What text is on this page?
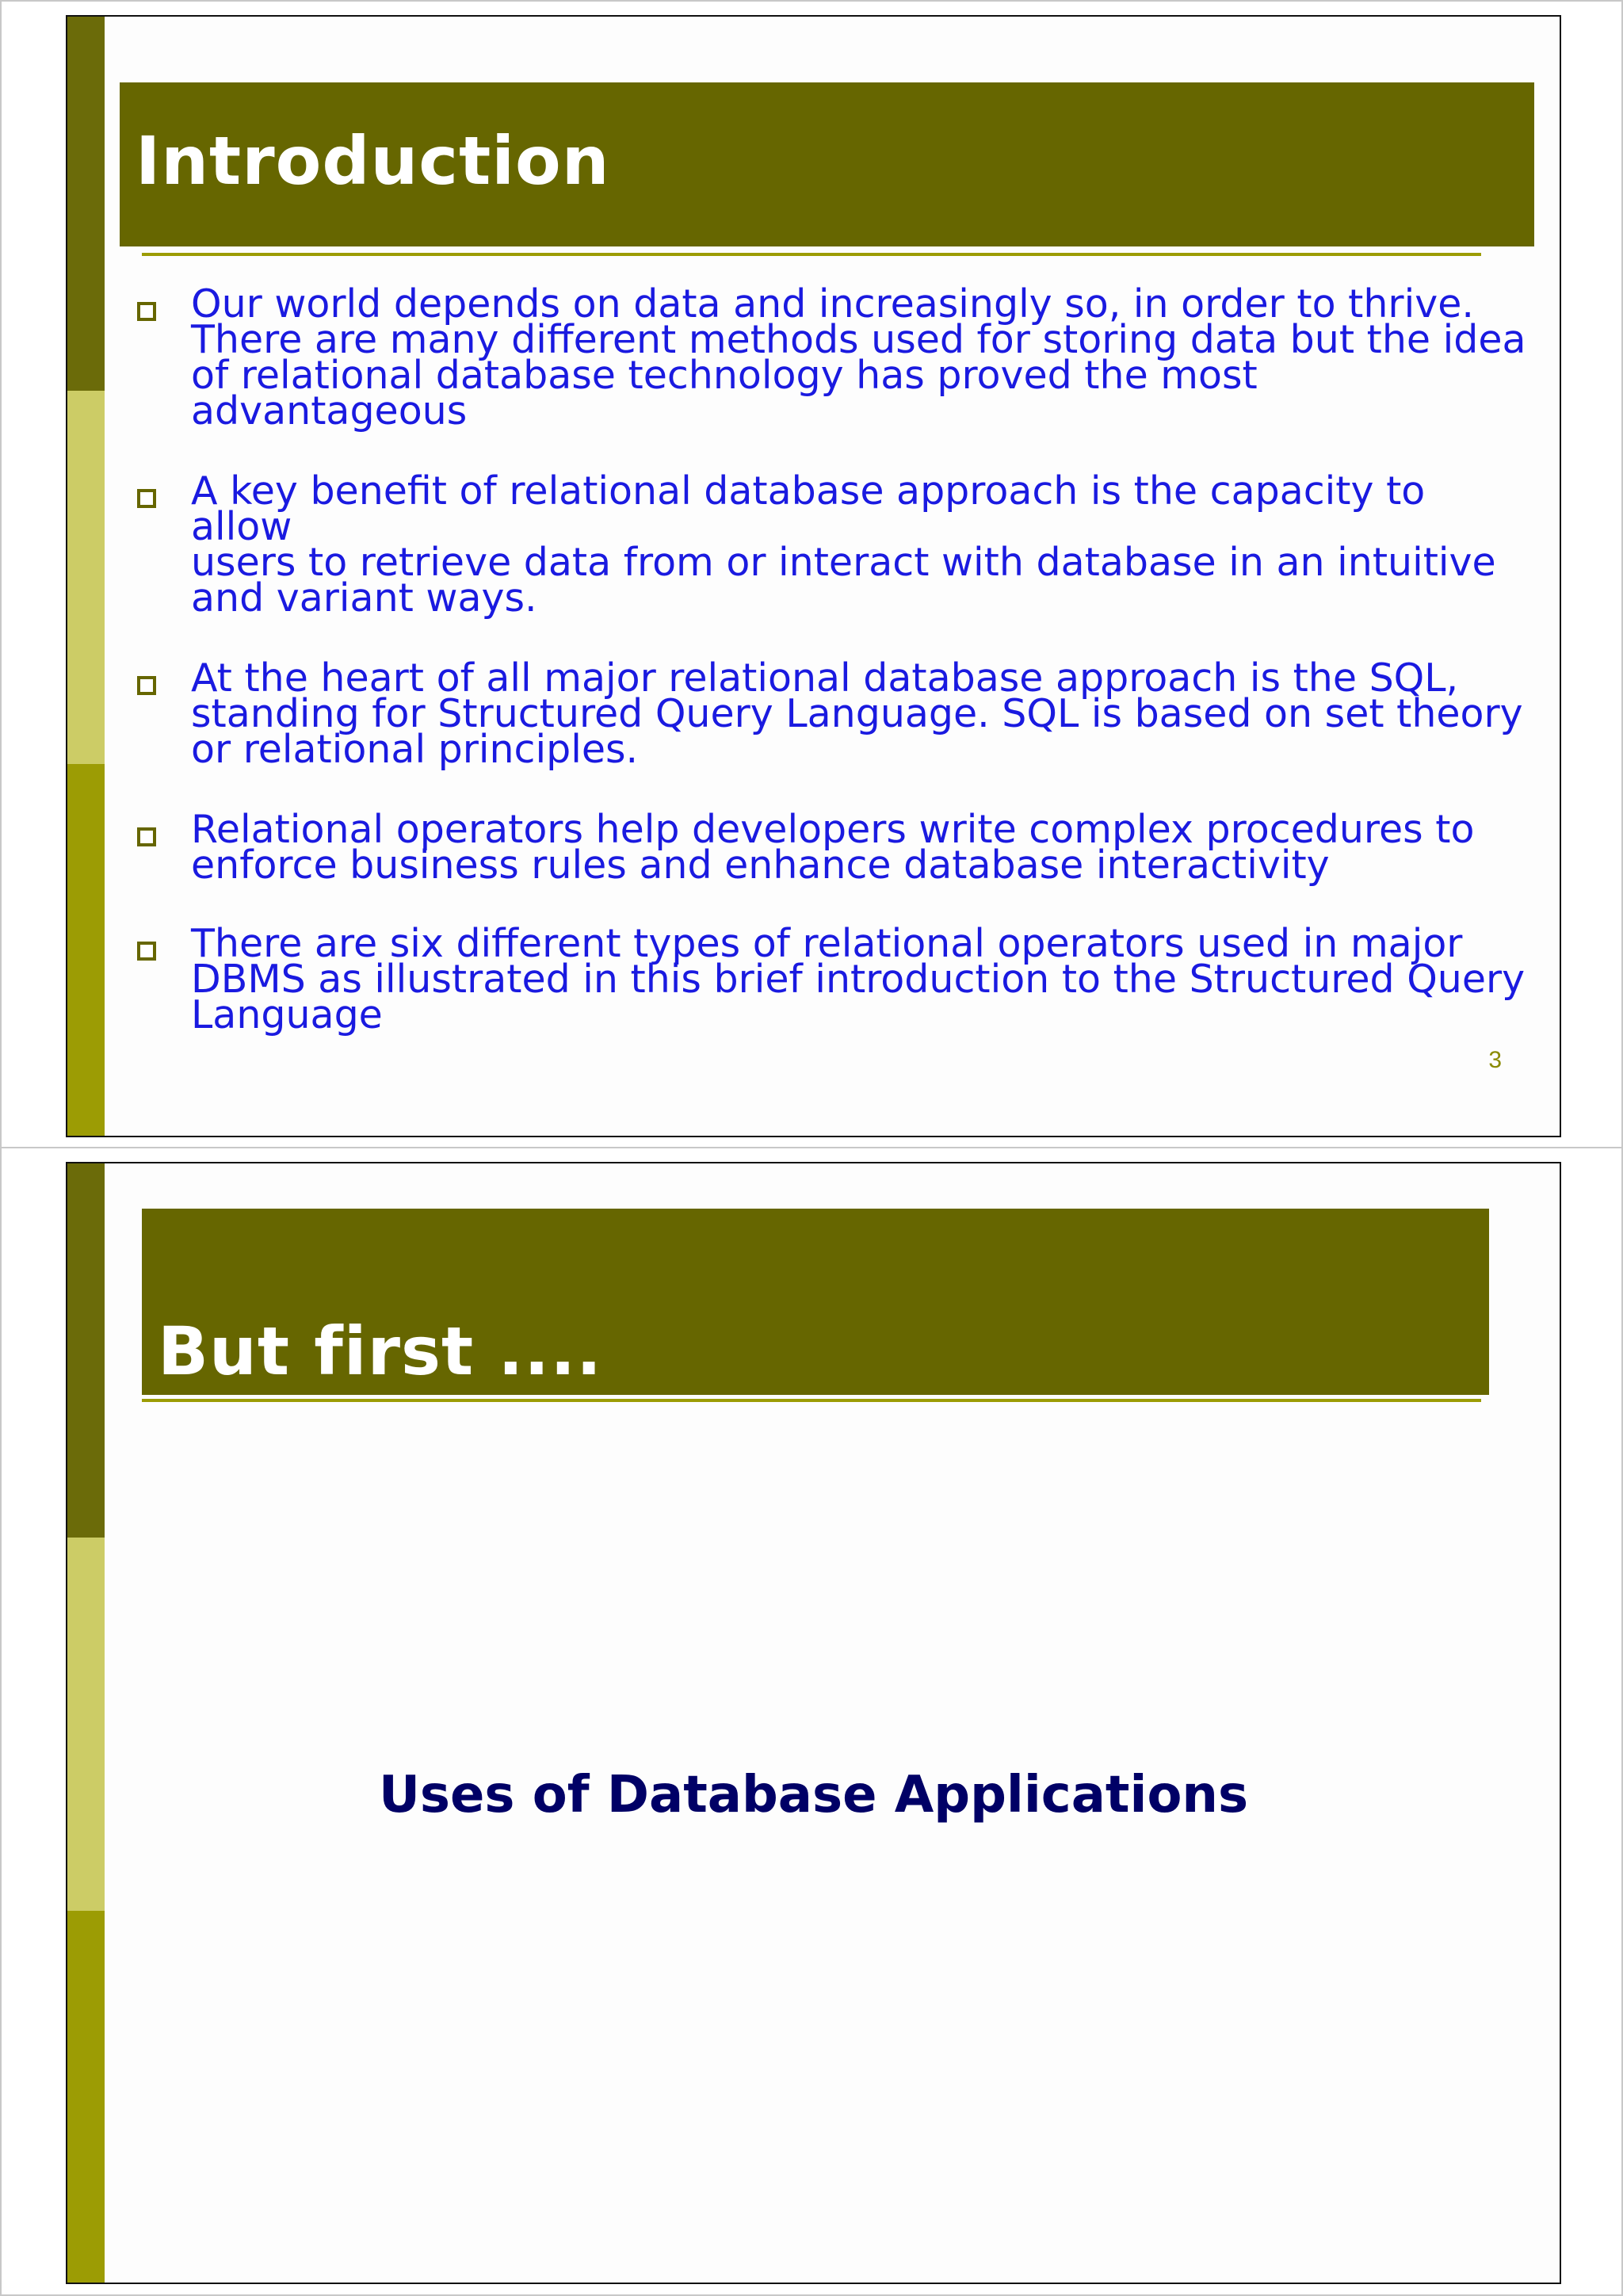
Introduction
Our world depends on data and increasingly so, in order to thrive.
There are many different methods used for storing data but the idea
of relational database technology has proved the most advantageous
A key benefit of relational database approach is the capacity to allow
users to retrieve data from or interact with database in an intuitive
and variant ways.
At the heart of all major relational database approach is the SQL,
standing for Structured Query Language. SQL is based on set theory
or relational principles.
Relational operators help developers write complex procedures to
enforce business rules and enhance database interactivity
There are six different types of relational operators used in major
DBMS as illustrated in this brief introduction to the Structured Query
Language
3
But first ....
Uses of Database Applications
